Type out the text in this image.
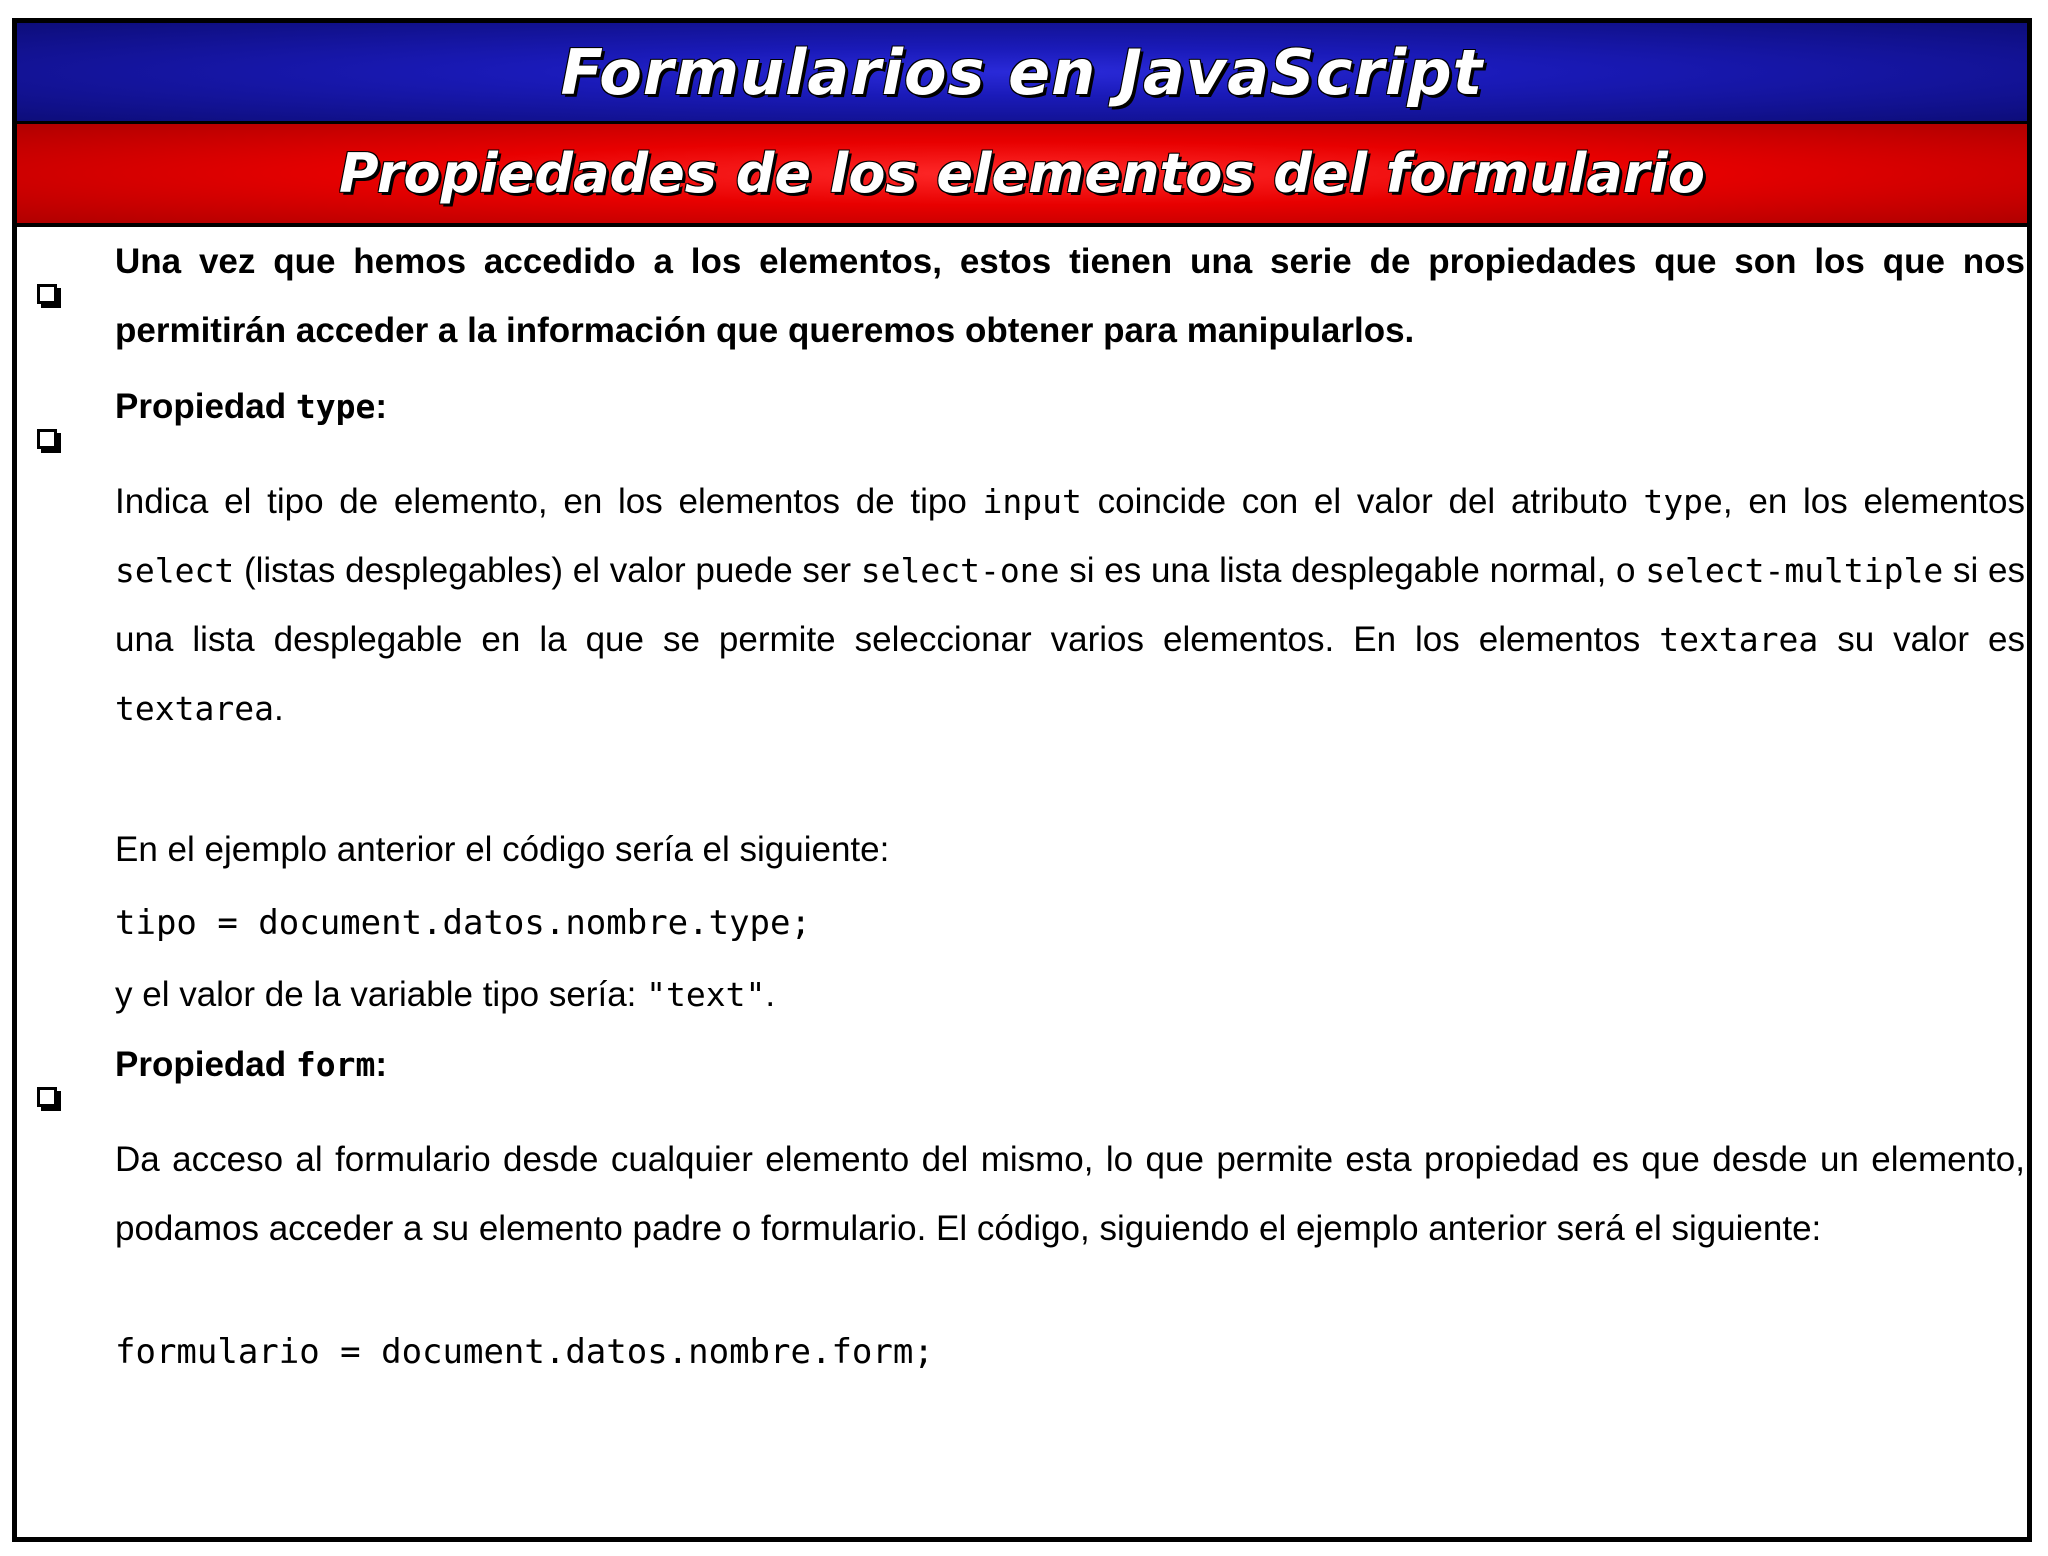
Formularios en JavaScript
Propiedades de los elementos del formulario

Una vez que hemos accedido a los elementos, estos tienen una serie de propiedades que son los que nos permitirán acceder a la información que queremos obtener para manipularlos.

Propiedad type:

Indica el tipo de elemento, en los elementos de tipo input coincide con el valor del atributo type, en los elementos select (listas desplegables) el valor puede ser select-one si es una lista desplegable normal, o select-multiple si es una lista desplegable en la que se permite seleccionar varios elementos. En los elementos textarea su valor es textarea.

En el ejemplo anterior el código sería el siguiente:

tipo = document.datos.nombre.type;

y el valor de la variable tipo sería: "text".

Propiedad form:

Da acceso al formulario desde cualquier elemento del mismo, lo que permite esta propiedad es que desde un elemento, podamos acceder a su elemento padre o formulario. El código, siguiendo el ejemplo anterior será el siguiente:

formulario = document.datos.nombre.form;
